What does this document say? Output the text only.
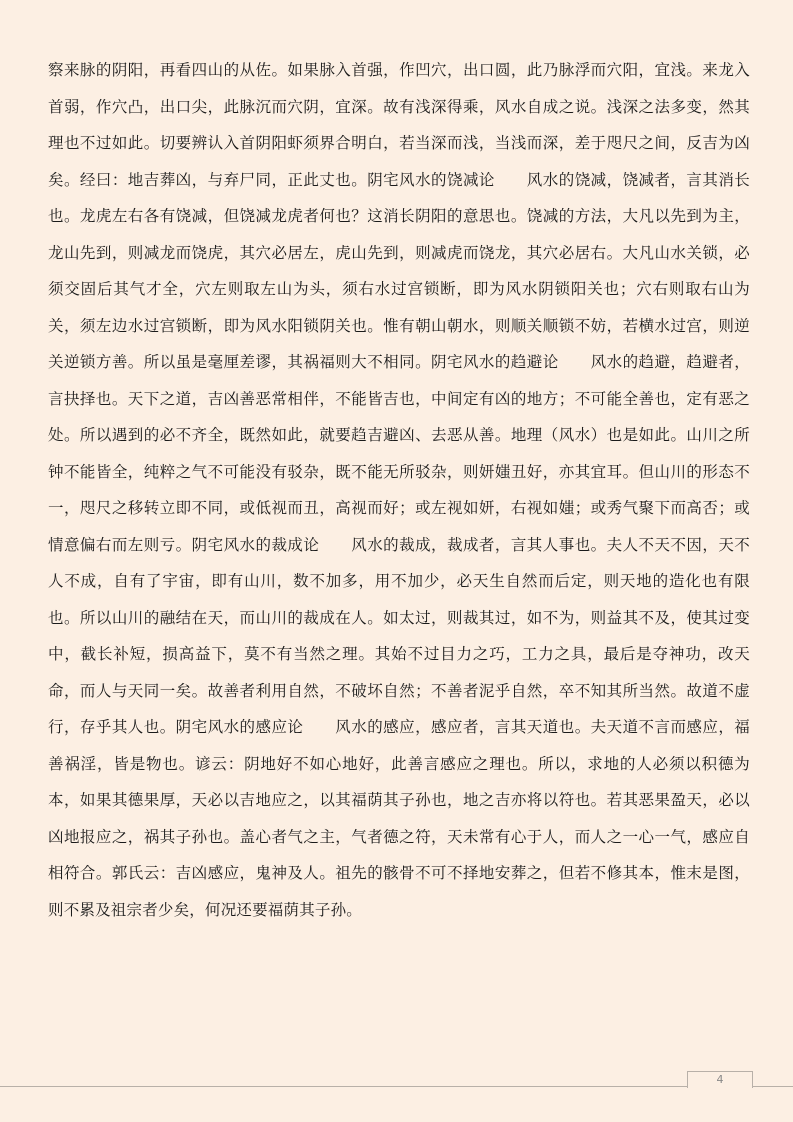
察来脉的阴阳，再看四山的从佐。如果脉入首强，作凹穴，出口圆，此乃脉浮而穴阳，宜浅。来龙入首弱，作穴凸，出口尖，此脉沉而穴阴，宜深。故有浅深得乘，风水自成之说。浅深之法多变，然其理也不过如此。切要辨认入首阴阳虾须界合明白，若当深而浅，当浅而深，差于咫尺之间，反吉为凶矣。经曰：地吉葬凶，与弃尸同，正此丈也。阴宅风水的饶减论　　风水的饶减，饶减者，言其消长也。龙虎左右各有饶减，但饶减龙虎者何也？这消长阴阳的意思也。饶减的方法，大凡以先到为主，龙山先到，则减龙而饶虎，其穴必居左，虎山先到，则减虎而饶龙，其穴必居右。大凡山水关锁，必须交固后其气才全，穴左则取左山为头，须右水过宫锁断，即为风水阴锁阳关也；穴右则取右山为关，须左边水过宫锁断，即为风水阳锁阴关也。惟有朝山朝水，则顺关顺锁不妨，若横水过宫，则逆关逆锁方善。所以虽是毫厘差谬，其祸福则大不相同。阴宅风水的趋避论　　风水的趋避，趋避者，言抉择也。天下之道，吉凶善恶常相伴，不能皆吉也，中间定有凶的地方；不可能全善也，定有恶之处。所以遇到的必不齐全，既然如此，就要趋吉避凶、去恶从善。地理（风水）也是如此。山川之所钟不能皆全，纯粹之气不可能没有驳杂，既不能无所驳杂，则妍媸丑好，亦其宜耳。但山川的形态不一，咫尺之移转立即不同，或低视而丑，高视而好；或左视如妍，右视如媸；或秀气聚下而高否；或情意偏右而左则亏。阴宅风水的裁成论　　风水的裁成，裁成者，言其人事也。夫人不天不因，天不人不成，自有了宇宙，即有山川，数不加多，用不加少，必天生自然而后定，则天地的造化也有限也。所以山川的融结在天，而山川的裁成在人。如太过，则裁其过，如不为，则益其不及，使其过变中，截长补短，损高益下，莫不有当然之理。其始不过目力之巧，工力之具，最后是夺神功，改天命，而人与天同一矣。故善者利用自然，不破坏自然；不善者泥乎自然，卒不知其所当然。故道不虚行，存乎其人也。阴宅风水的感应论　　风水的感应，感应者，言其天道也。夫天道不言而感应，福善祸淫，皆是物也。谚云：阴地好不如心地好，此善言感应之理也。所以，求地的人必须以积德为本，如果其德果厚，天必以吉地应之，以其福荫其子孙也，地之吉亦将以符也。若其恶果盈天，必以凶地报应之，祸其子孙也。盖心者气之主，气者德之符，天未常有心于人，而人之一心一气，感应自相符合。郭氏云：吉凶感应，鬼神及人。祖先的骸骨不可不择地安葬之，但若不修其本，惟末是图，则不累及祖宗者少矣，何况还要福荫其子孙。
4
